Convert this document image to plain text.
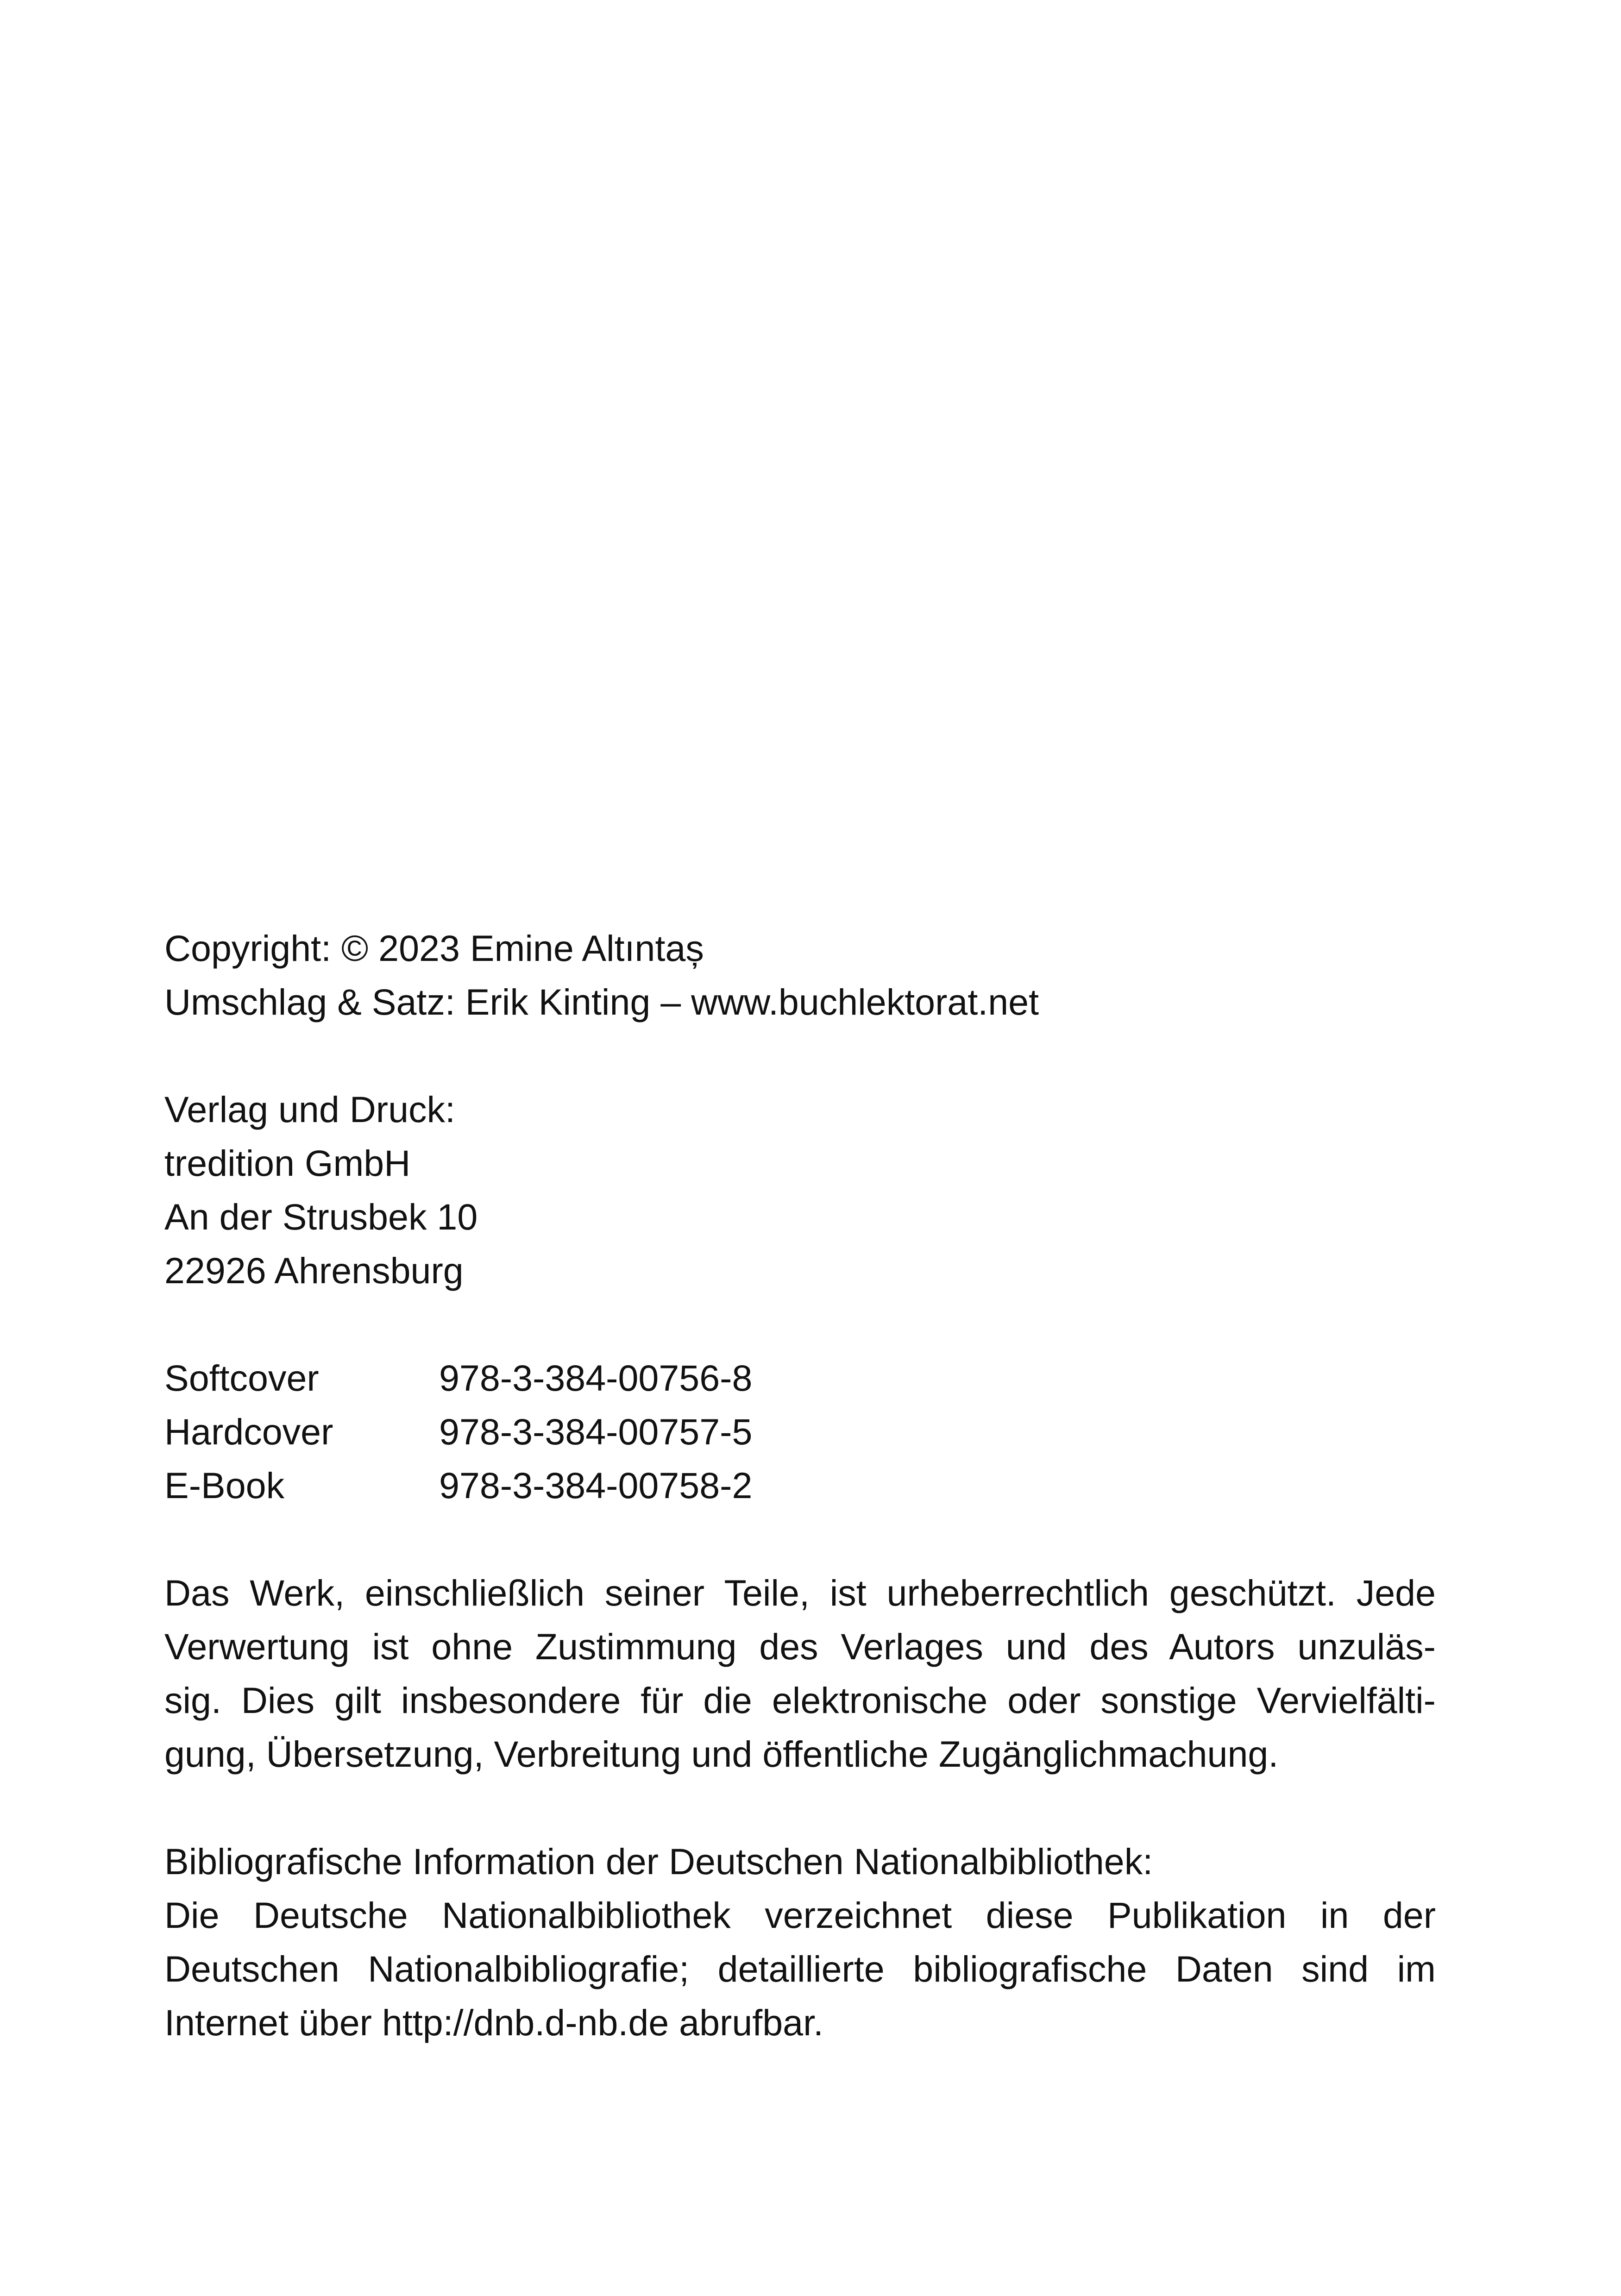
Copyright: © 2023 Emine Altıntaș
Umschlag & Satz: Erik Kinting – www.buchlektorat.net
Verlag und Druck:
tredition GmbH
An der Strusbek 10
22926 Ahrensburg
Softcover	978-3-384-00756-8
Hardcover	978-3-384-00757-5
E-Book	978-3-384-00758-2
Das Werk, einschließlich seiner Teile, ist urheberrechtlich geschützt. Jede
Verwertung ist ohne Zustimmung des Verlages und des Autors unzuläs-
sig. Dies gilt insbesondere für die elektronische oder sonstige Vervielfälti-
gung, Übersetzung, Verbreitung und öffentliche Zugänglichmachung.
Bibliografische Information der Deutschen Nationalbibliothek:
Die Deutsche Nationalbibliothek verzeichnet diese Publikation in der
Deutschen Nationalbibliografie; detaillierte bibliografische Daten sind im
Internet über http://dnb.d-nb.de abrufbar.
